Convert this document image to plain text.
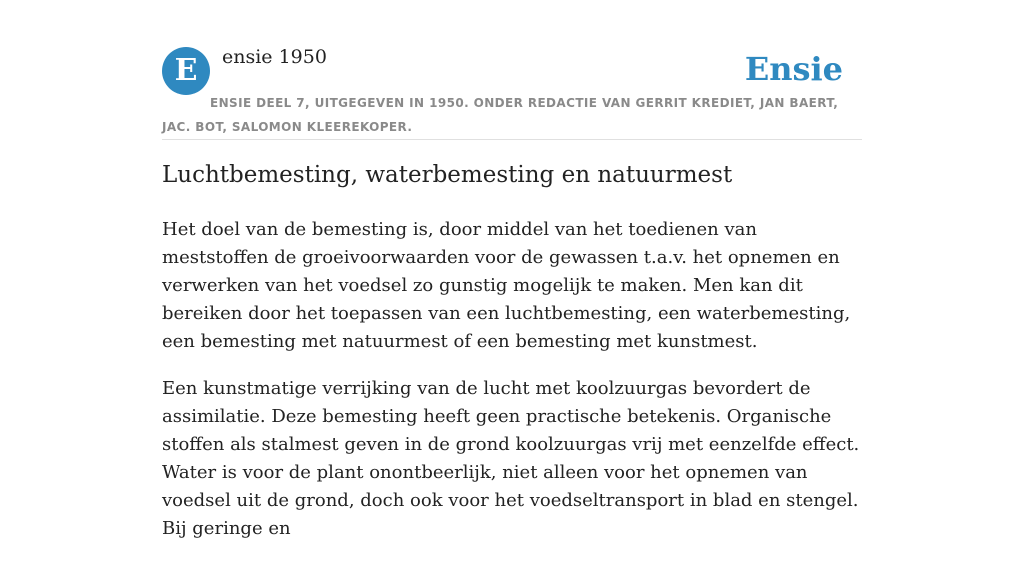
E	ensie 1950	Ensie
ENSIE DEEL 7, UITGEGEVEN IN 1950. ONDER REDACTIE VAN GERRIT KREDIET, JAN BAERT, JAC. BOT, SALOMON KLEEREKOPER.
Luchtbemesting, waterbemesting en natuurmest

Het doel van de bemesting is, door middel van het toedienen van meststoffen de groeivoorwaarden voor de gewassen t.a.v. het opnemen en verwerken van het voedsel zo gunstig mogelijk te maken. Men kan dit bereiken door het toepassen van een luchtbemesting, een waterbemesting, een bemesting met natuurmest of een bemesting met kunstmest.

Een kunstmatige verrijking van de lucht met koolzuurgas bevordert de assimilatie. Deze bemesting heeft geen practische betekenis. Organische stoffen als stalmest geven in de grond koolzuurgas vrij met eenzelfde effect. Water is voor de plant onontbeerlijk, niet alleen voor het opnemen van voedsel uit de grond, doch ook voor het voedseltransport in blad en stengel. Bij geringe en
